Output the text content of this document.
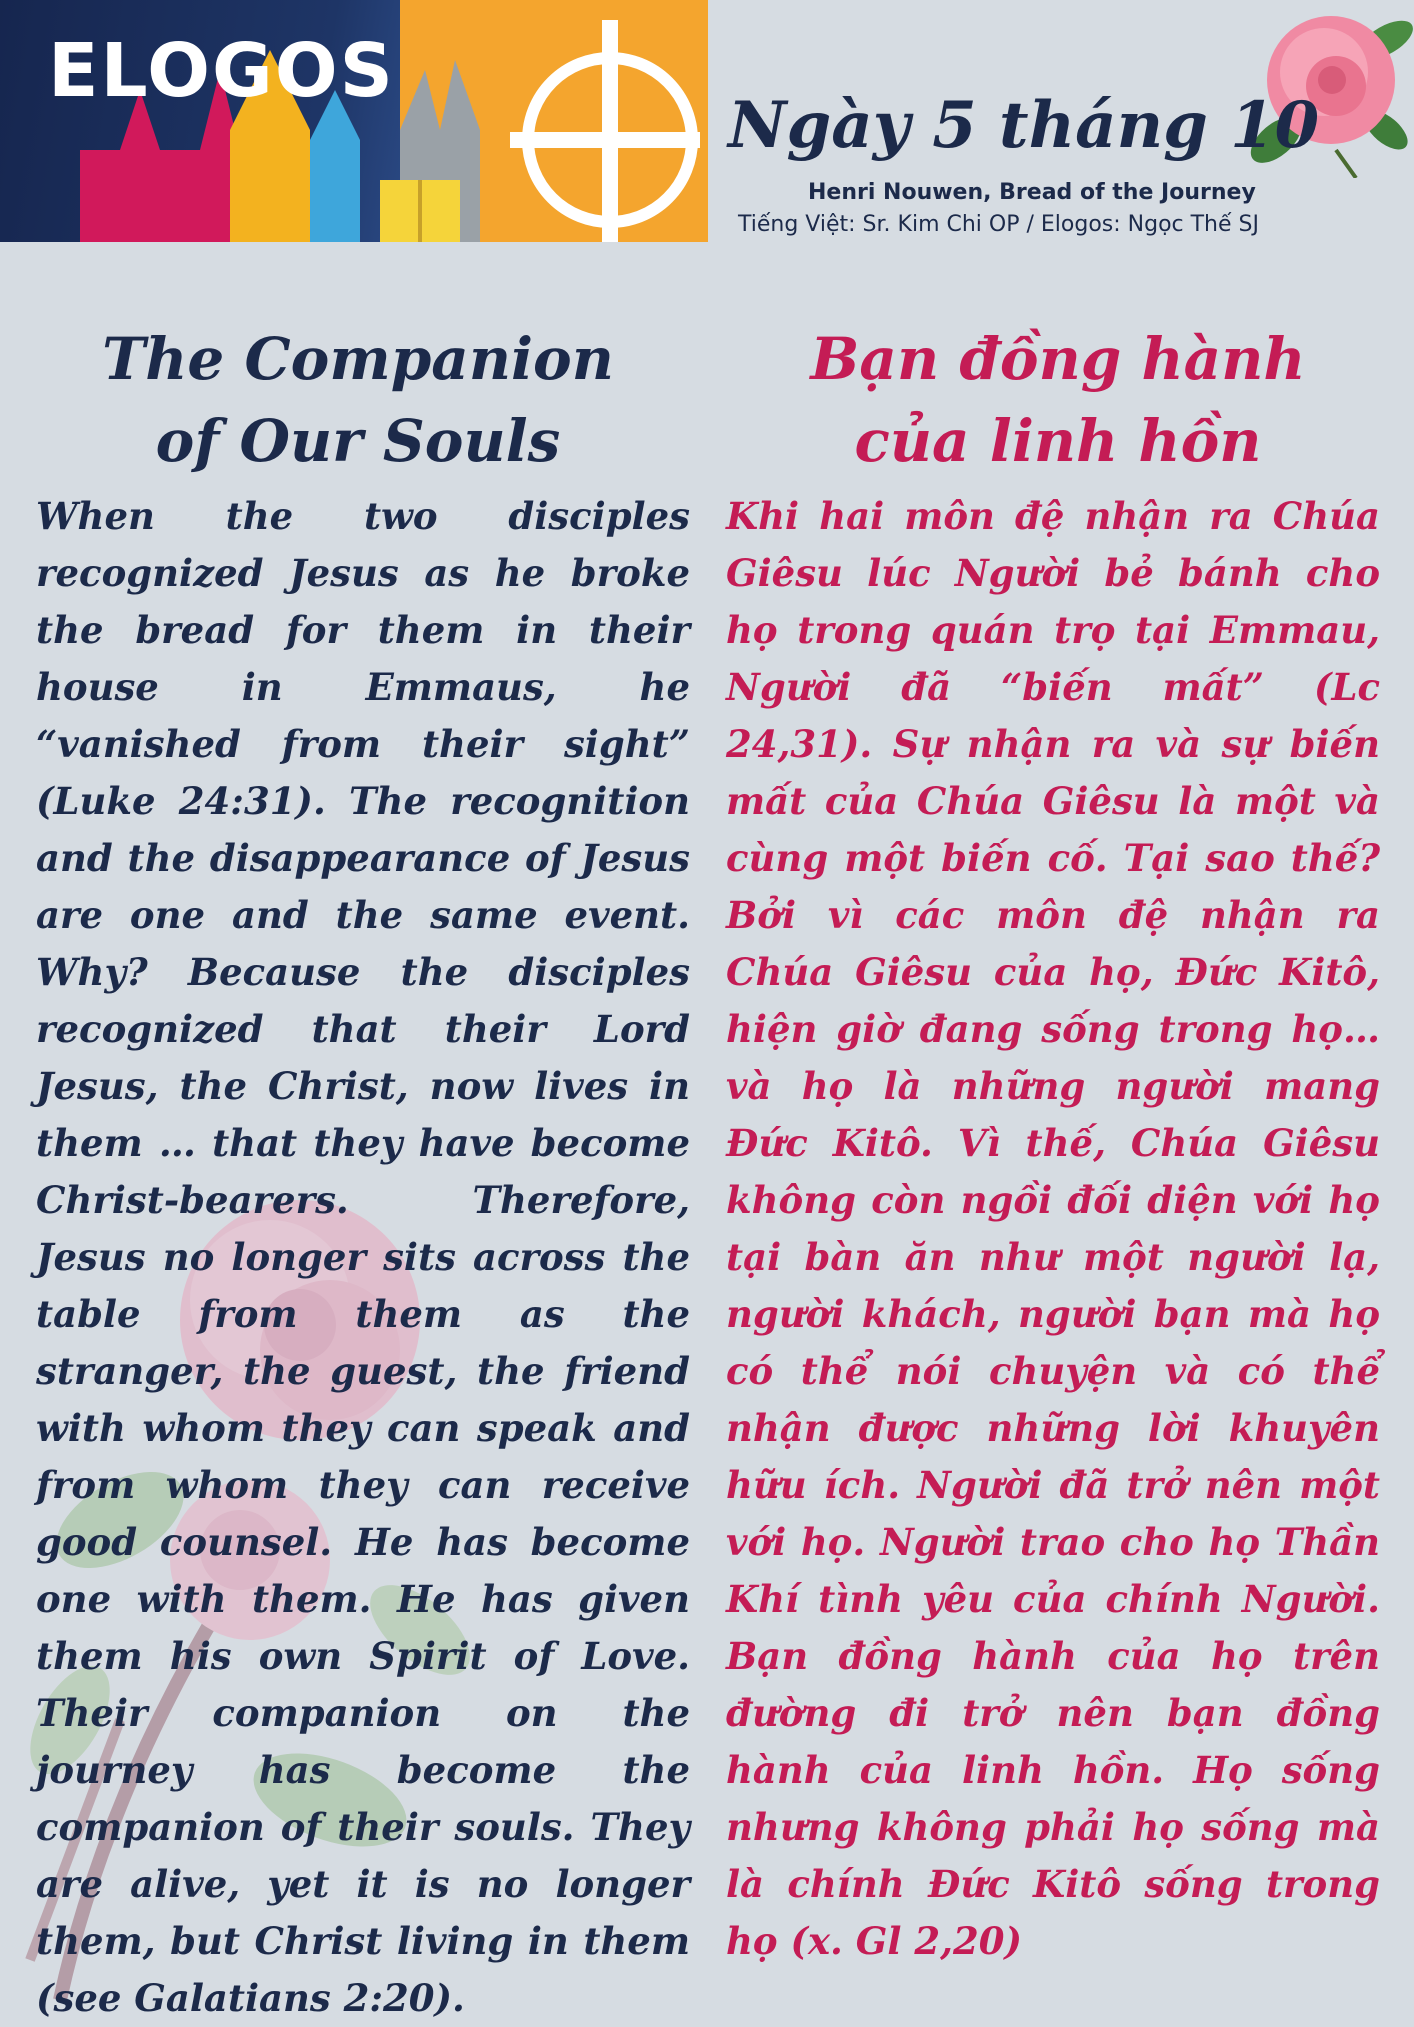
ELOGOS
Ngày 5 tháng 10
Henri Nouwen, Bread of the Journey
Tiếng Việt: Sr. Kim Chi OP / Elogos: Ngọc Thế SJ
The Companion
of Our Souls

When the two disciples recognized Jesus as he broke the bread for them in their house in Emmaus, he “vanished from their sight” (Luke 24:31). The recognition and the disappearance of Jesus are one and the same event. Why? Because the disciples recognized that their Lord Jesus, the Christ, now lives in them … that they have become Christ-bearers. Therefore, Jesus no longer sits across the table from them as the stranger, the guest, the friend with whom they can speak and from whom they can receive good counsel. He has become one with them. He has given them his own Spirit of Love. Their companion on the journey has become the companion of their souls. They are alive, yet it is no longer them, but Christ living in them (see Galatians 2:20).

Bạn đồng hành
của linh hồn

Khi hai môn đệ nhận ra Chúa Giêsu lúc Người bẻ bánh cho họ trong quán trọ tại Emmau, Người đã “biến mất” (Lc 24,31). Sự nhận ra và sự biến mất của Chúa Giêsu là một và cùng một biến cố. Tại sao thế? Bởi vì các môn đệ nhận ra Chúa Giêsu của họ, Đức Kitô, hiện giờ đang sống trong họ… và họ là những người mang Đức Kitô. Vì thế, Chúa Giêsu không còn ngồi đối diện với họ tại bàn ăn như một người lạ, người khách, người bạn mà họ có thể nói chuyện và có thể nhận được những lời khuyên hữu ích. Người đã trở nên một với họ. Người trao cho họ Thần Khí tình yêu của chính Người. Bạn đồng hành của họ trên đường đi trở nên bạn đồng hành của linh hồn. Họ sống nhưng không phải họ sống mà là chính Đức Kitô sống trong họ (x. Gl 2,20)
